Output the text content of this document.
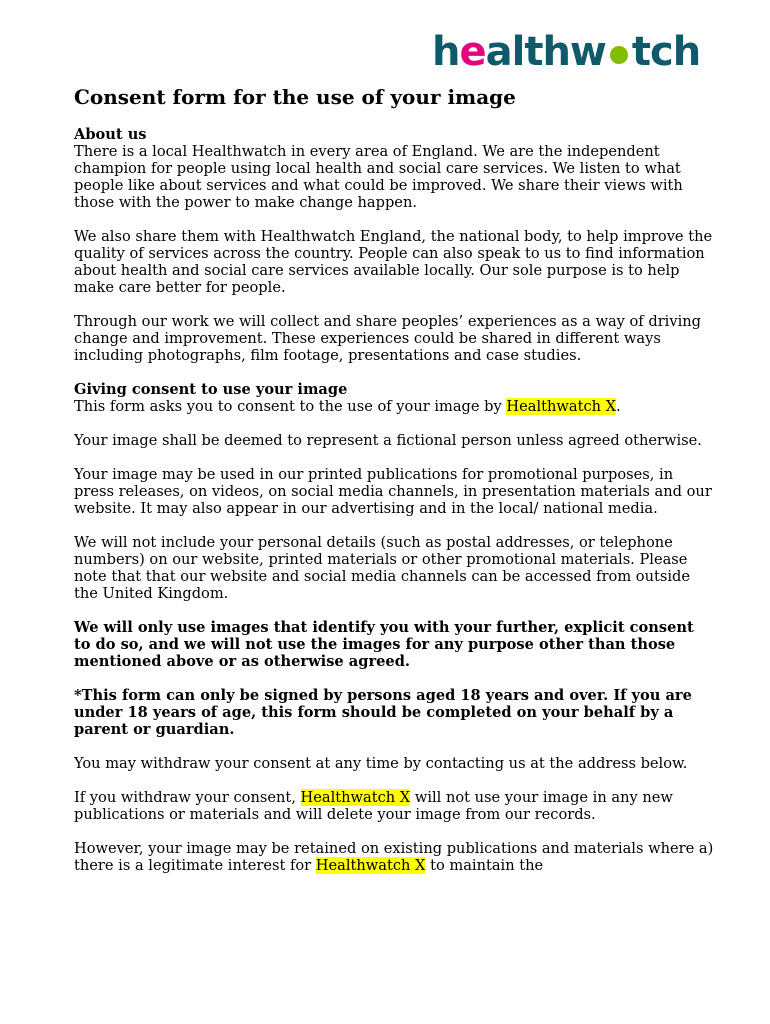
healthw tch
Consent form for the use of your image
About us

There is a local Healthwatch in every area of England. We are the independent champion for people using local health and social care services. We listen to what people like about services and what could be improved. We share their views with those with the power to make change happen.

We also share them with Healthwatch England, the national body, to help improve the quality of services across the country. People can also speak to us to find information about health and social care services available locally. Our sole purpose is to help make care better for people.

Through our work we will collect and share peoples’ experiences as a way of driving change and improvement. These experiences could be shared in different ways including photographs, film footage, presentations and case studies.

Giving consent to use your image

This form asks you to consent to the use of your image by Healthwatch X.

Your image shall be deemed to represent a fictional person unless agreed otherwise.

Your image may be used in our printed publications for promotional purposes, in press releases, on videos, on social media channels, in presentation materials and our website. It may also appear in our advertising and in the local/ national media.

We will not include your personal details (such as postal addresses, or telephone numbers) on our website, printed materials or other promotional materials. Please note that that our website and social media channels can be accessed from outside the United Kingdom.

We will only use images that identify you with your further, explicit consent to do so, and we will not use the images for any purpose other than those mentioned above or as otherwise agreed.

*This form can only be signed by persons aged 18 years and over. If you are under 18 years of age, this form should be completed on your behalf by a parent or guardian.

You may withdraw your consent at any time by contacting us at the address below.

If you withdraw your consent, Healthwatch X will not use your image in any new publications or materials and will delete your image from our records.

However, your image may be retained on existing publications and materials where a) there is a legitimate interest for Healthwatch X to maintain the
